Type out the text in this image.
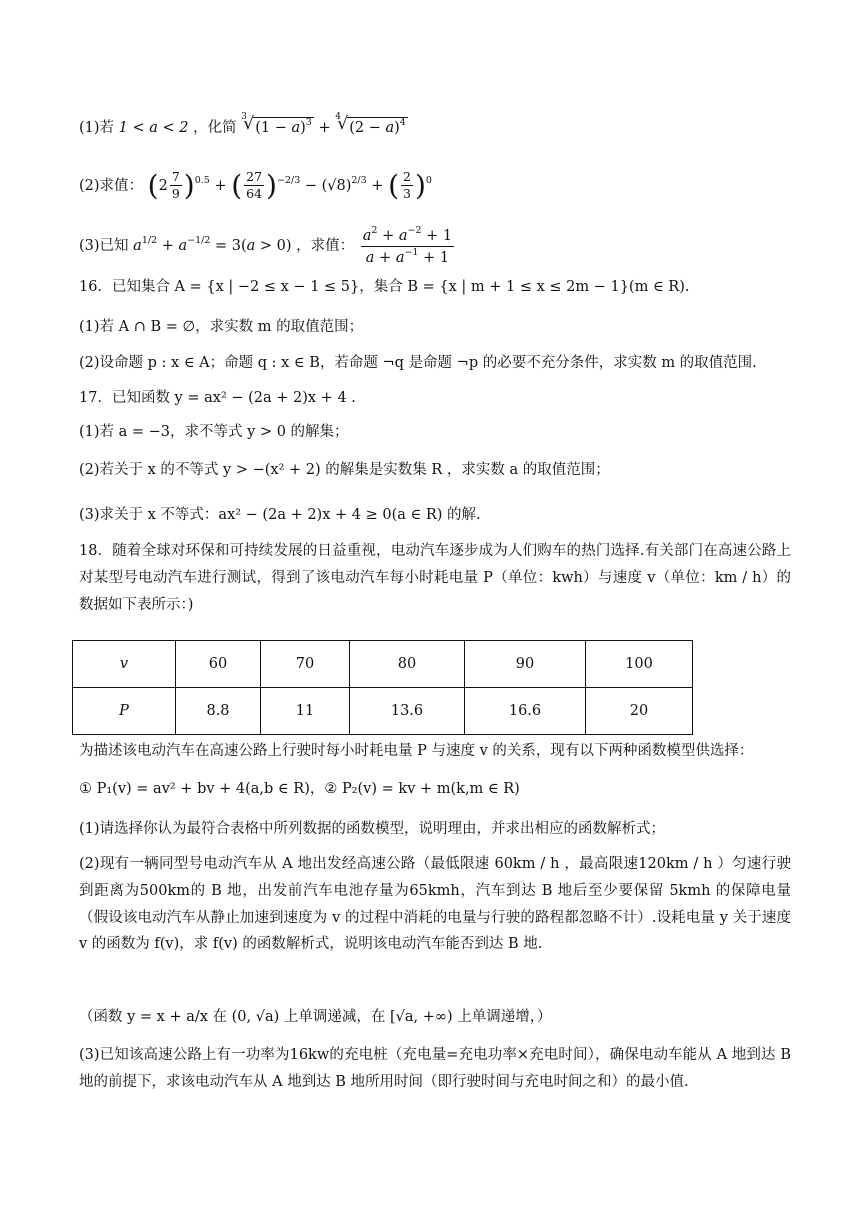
(1)若 1 < a < 2 ，化简
√ 3
$(1 - a)^3$ +
√ 4
$(2 - a)^4$
(2)求值： $(2 \frac{7}{9} )^{0.5}$ + ( $\frac{27}{64} )^{-2/3} - (√8)^{2/3}$ + ( $\frac{2}{3} )^0$
(3)已知 $a^{1/2} + a^{-1/2} = 3(a > 0)$ ，求值： $\frac{a^2 + a^{-2} + 1}{a + a^{-1} + 1}$
16．已知集合 A = {x | −2 ≤ x − 1 ≤ 5}，集合 B = {x | m + 1 ≤ x ≤ 2m − 1}(m ∈ R).
(1)若 A ∩ B = ∅，求实数 m 的取值范围；
(2)设命题 p : x ∈ A；命题 q : x ∈ B，若命题 ¬q 是命题 ¬p 的必要不充分条件，求实数 m 的取值范围.
17．已知函数 y = ax² − (2a + 2)x + 4 .
(1)若 a = −3，求不等式 y > 0 的解集；
(2)若关于 x 的不等式 y > −(x² + 2) 的解集是实数集 R ，求实数 a 的取值范围；
(3)求关于 x 不等式：ax² − (2a + 2)x + 4 ≥ 0(a ∈ R) 的解.
18．随着全球对环保和可持续发展的日益重视，电动汽车逐步成为人们购车的热门选择.有关部门在高速公路上对某型号电动汽车进行测试，得到了该电动汽车每小时耗电量 P（单位：kwh）与速度 v（单位：km / h）的数据如下表所示：)
v	60	70	80	90	100
P	8.8	11	13.6	16.6	20
为描述该电动汽车在高速公路上行驶时每小时耗电量 P 与速度 v 的关系，现有以下两种函数模型供选择：
① P₁(v) = av² + bv + 4(a,b ∈ R)，② P₂(v) = kv + m(k,m ∈ R)
(1)请选择你认为最符合表格中所列数据的函数模型，说明理由，并求出相应的函数解析式；
(2)现有一辆同型号电动汽车从 A 地出发经高速公路（最低限速 60km / h ，最高限速120km / h ）匀速行驶到距离为500km的 B 地，出发前汽车电池存量为65kmh，汽车到达 B 地后至少要保留 5kmh 的保障电量（假设该电动汽车从静止加速到速度为 v 的过程中消耗的电量与行驶的路程都忽略不计）.设耗电量 y 关于速度 v 的函数为 f(v)，求 f(v) 的函数解析式，说明该电动汽车能否到达 B 地.
（函数 y = x + a/x 在 (0, √a) 上单调递减，在 [√a, +∞) 上单调递增，）
(3)已知该高速公路上有一功率为16kw的充电桩（充电量=充电功率×充电时间），确保电动车能从 A 地到达 B 地的前提下，求该电动汽车从 A 地到达 B 地所用时间（即行驶时间与充电时间之和）的最小值.
